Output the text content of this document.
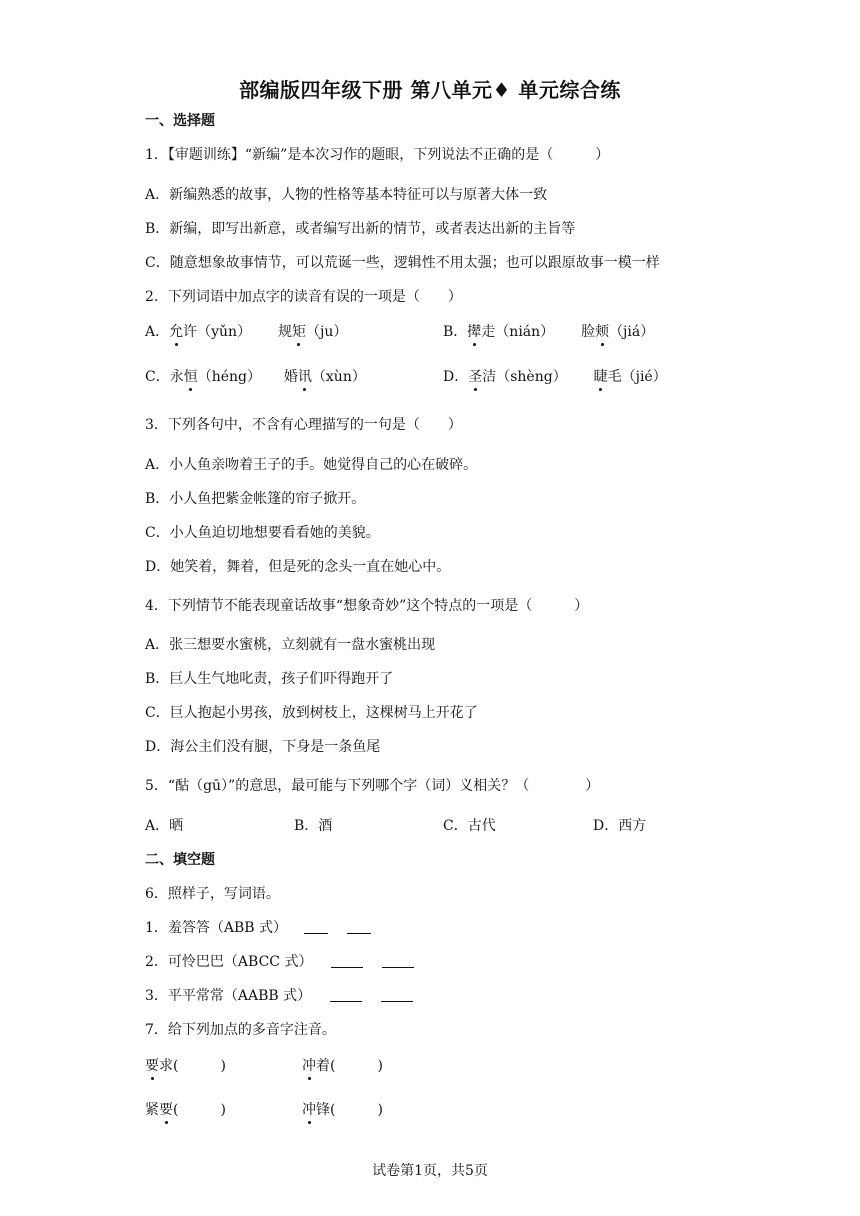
部编版四年级下册 第八单元♦ 单元综合练
一、选择题
1．【审题训练】“新编”是本次习作的题眼，下列说法不正确的是（　　　）
A．新编熟悉的故事，人物的性格等基本特征可以与原著大体一致
B．新编，即写出新意，或者编写出新的情节，或者表达出新的主旨等
C．随意想象故事情节，可以荒诞一些，逻辑性不用太强；也可以跟原故事一模一样
2．下列词语中加点字的读音有误的一项是（　　）
A．允许（yǔn） 规矩（ju）	B．撵走（nián） 脸颊（jiá）
C．永恒（héng） 婚讯（xùn）	D．圣洁（shèng） 睫毛（jié）
3．下列各句中，不含有心理描写的一句是（　　）
A．小人鱼亲吻着王子的手。她觉得自己的心在破碎。
B．小人鱼把紫金帐篷的帘子掀开。
C．小人鱼迫切地想要看看她的美貌。
D．她笑着，舞着，但是死的念头一直在她心中。
4．下列情节不能表现童话故事“想象奇妙”这个特点的一项是（　　　）
A．张三想要水蜜桃，立刻就有一盘水蜜桃出现
B．巨人生气地叱责，孩子们吓得跑开了
C．巨人抱起小男孩，放到树枝上，这棵树马上开花了
D．海公主们没有腿，下身是一条鱼尾
5．“酤（gū）”的意思，最可能与下列哪个字（词）义相关？（　　　　）
A．晒	B．酒	C．古代	D．西方
二、填空题
6．照样子，写词语。
1．羞答答（ABB 式）
2．可怜巴巴（ABCC 式）
3．平平常常（AABB 式）
7．给下列加点的多音字注音。
要求(　　　)	冲着(　　　)
紧要(　　　)	冲锋(　　　)
试卷第1页，共5页
